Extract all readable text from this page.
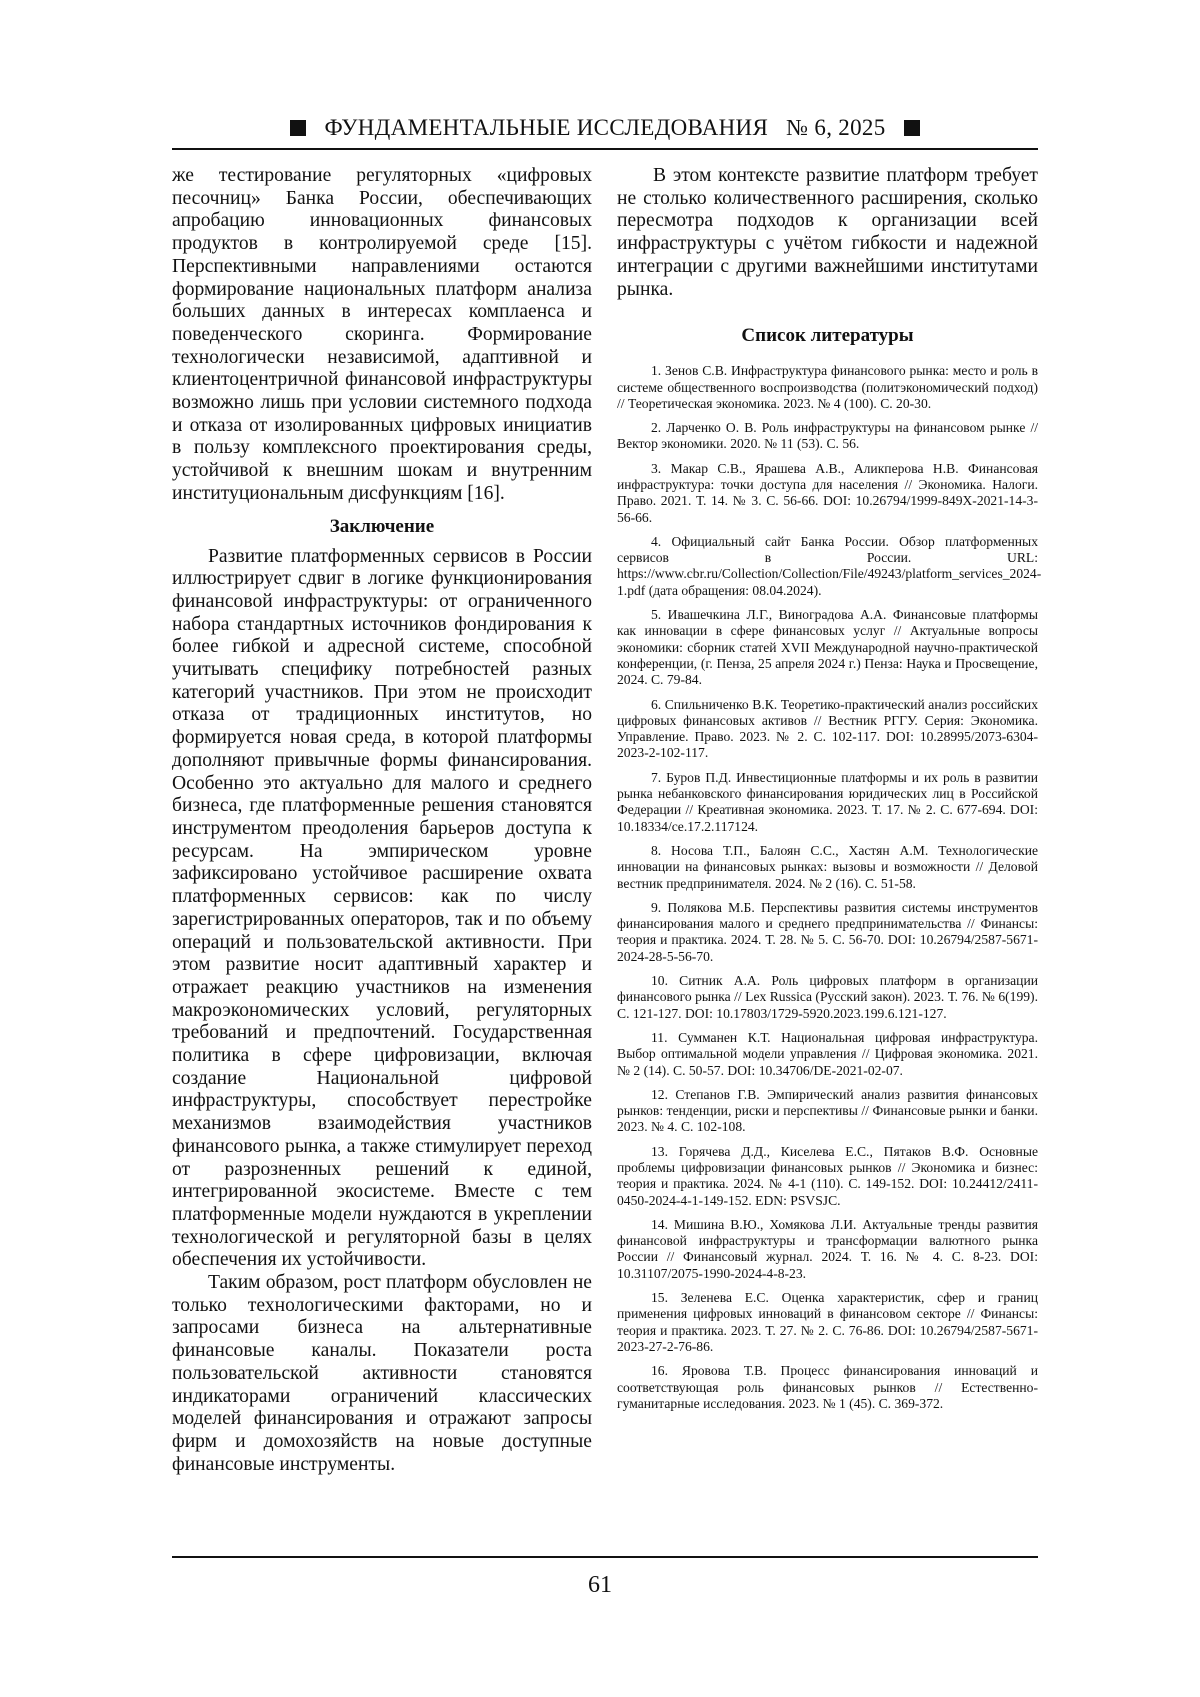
ФУНДАМЕНТАЛЬНЫЕ ИССЛЕДОВАНИЯ № 6, 2025

же тестирование регуляторных «цифровых песочниц» Банка России, обеспечивающих апробацию инновационных финансовых продуктов в контролируемой среде [15]. Перспективными направлениями остаются формирование национальных платформ анализа больших данных в интересах комплаенса и поведенческого скоринга. Формирование технологически независимой, адаптивной и клиентоцентричной финансовой инфраструктуры возможно лишь при условии системного подхода и отказа от изолированных цифровых инициатив в пользу комплексного проектирования среды, устойчивой к внешним шокам и внутренним институциональным дисфункциям [16].

Заключение

Развитие платформенных сервисов в России иллюстрирует сдвиг в логике функционирования финансовой инфраструктуры: от ограниченного набора стандартных источников фондирования к более гибкой и адресной системе, способной учитывать специфику потребностей разных категорий участников. При этом не происходит отказа от традиционных институтов, но формируется новая среда, в которой платформы дополняют привычные формы финансирования. Особенно это актуально для малого и среднего бизнеса, где платформенные решения становятся инструментом преодоления барьеров доступа к ресурсам. На эмпирическом уровне зафиксировано устойчивое расширение охвата платформенных сервисов: как по числу зарегистрированных операторов, так и по объему операций и пользовательской активности. При этом развитие носит адаптивный характер и отражает реакцию участников на изменения макроэкономических условий, регуляторных требований и предпочтений. Государственная политика в сфере цифровизации, включая создание Национальной цифровой инфраструктуры, способствует перестройке механизмов взаимодействия участников финансового рынка, а также стимулирует переход от разрозненных решений к единой, интегрированной экосистеме. Вместе с тем платформенные модели нуждаются в укреплении технологической и регуляторной базы в целях обеспечения их устойчивости.

Таким образом, рост платформ обусловлен не только технологическими факторами, но и запросами бизнеса на альтернативные финансовые каналы. Показатели роста пользовательской активности становятся индикаторами ограничений классических моделей финансирования и отражают запросы фирм и домохозяйств на новые доступные финансовые инструменты.

В этом контексте развитие платформ требует не столько количественного расширения, сколько пересмотра подходов к организации всей инфраструктуры с учётом гибкости и надежной интеграции с другими важнейшими институтами рынка.

Список литературы

1. Зенов С.В. Инфраструктура финансового рынка: место и роль в системе общественного воспроизводства (политэкономический подход) // Теоретическая экономика. 2023. № 4 (100). С. 20-30.

2. Ларченко О. В. Роль инфраструктуры на финансовом рынке // Вектор экономики. 2020. № 11 (53). С. 56.

3. Макар С.В., Ярашева А.В., Аликперова Н.В. Финансовая инфраструктура: точки доступа для населения // Экономика. Налоги. Право. 2021. Т. 14. № 3. С. 56-66. DOI: 10.26794/1999-849X-2021-14-3-56-66.

4. Официальный сайт Банка России. Обзор платформенных сервисов в России. URL: https://www.cbr.ru/Collection/Collection/File/49243/platform_services_2024-1.pdf (дата обращения: 08.04.2024).

5. Ивашечкина Л.Г., Виноградова А.А. Финансовые платформы как инновации в сфере финансовых услуг // Актуальные вопросы экономики: сборник статей XVII Международной научно-практической конференции, (г. Пенза, 25 апреля 2024 г.) Пенза: Наука и Просвещение, 2024. С. 79-84.

6. Спильниченко В.К. Теоретико-практический анализ российских цифровых финансовых активов // Вестник РГГУ. Серия: Экономика. Управление. Право. 2023. № 2. С. 102-117. DOI: 10.28995/2073-6304-2023-2-102-117.

7. Буров П.Д. Инвестиционные платформы и их роль в развитии рынка небанковского финансирования юридических лиц в Российской Федерации // Креативная экономика. 2023. Т. 17. № 2. С. 677-694. DOI: 10.18334/ce.17.2.117124.

8. Носова Т.П., Балоян С.С., Хастян А.М. Технологические инновации на финансовых рынках: вызовы и возможности // Деловой вестник предпринимателя. 2024. № 2 (16). С. 51-58.

9. Полякова М.Б. Перспективы развития системы инструментов финансирования малого и среднего предпринимательства // Финансы: теория и практика. 2024. Т. 28. № 5. С. 56-70. DOI: 10.26794/2587-5671-2024-28-5-56-70.

10. Ситник А.А. Роль цифровых платформ в организации финансового рынка // Lex Russica (Русский закон). 2023. Т. 76. № 6(199). С. 121-127. DOI: 10.17803/1729-5920.2023.199.6.121-127.

11. Сумманен К.Т. Национальная цифровая инфраструктура. Выбор оптимальной модели управления // Цифровая экономика. 2021. № 2 (14). С. 50-57. DOI: 10.34706/DE-2021-02-07.

12. Степанов Г.В. Эмпирический анализ развития финансовых рынков: тенденции, риски и перспективы // Финансовые рынки и банки. 2023. № 4. С. 102-108.

13. Горячева Д.Д., Киселева Е.С., Пятаков В.Ф. Основные проблемы цифровизации финансовых рынков // Экономика и бизнес: теория и практика. 2024. № 4-1 (110). С. 149-152. DOI: 10.24412/2411-0450-2024-4-1-149-152. EDN: PSVSJC.

14. Мишина В.Ю., Хомякова Л.И. Актуальные тренды развития финансовой инфраструктуры и трансформации валютного рынка России // Финансовый журнал. 2024. Т. 16. № 4. С. 8-23. DOI: 10.31107/2075-1990-2024-4-8-23.

15. Зеленева Е.С. Оценка характеристик, сфер и границ применения цифровых инноваций в финансовом секторе // Финансы: теория и практика. 2023. Т. 27. № 2. С. 76-86. DOI: 10.26794/2587-5671-2023-27-2-76-86.

16. Яровова Т.В. Процесс финансирования инноваций и соответствующая роль финансовых рынков // Естественно-гуманитарные исследования. 2023. № 1 (45). С. 369-372.

61
